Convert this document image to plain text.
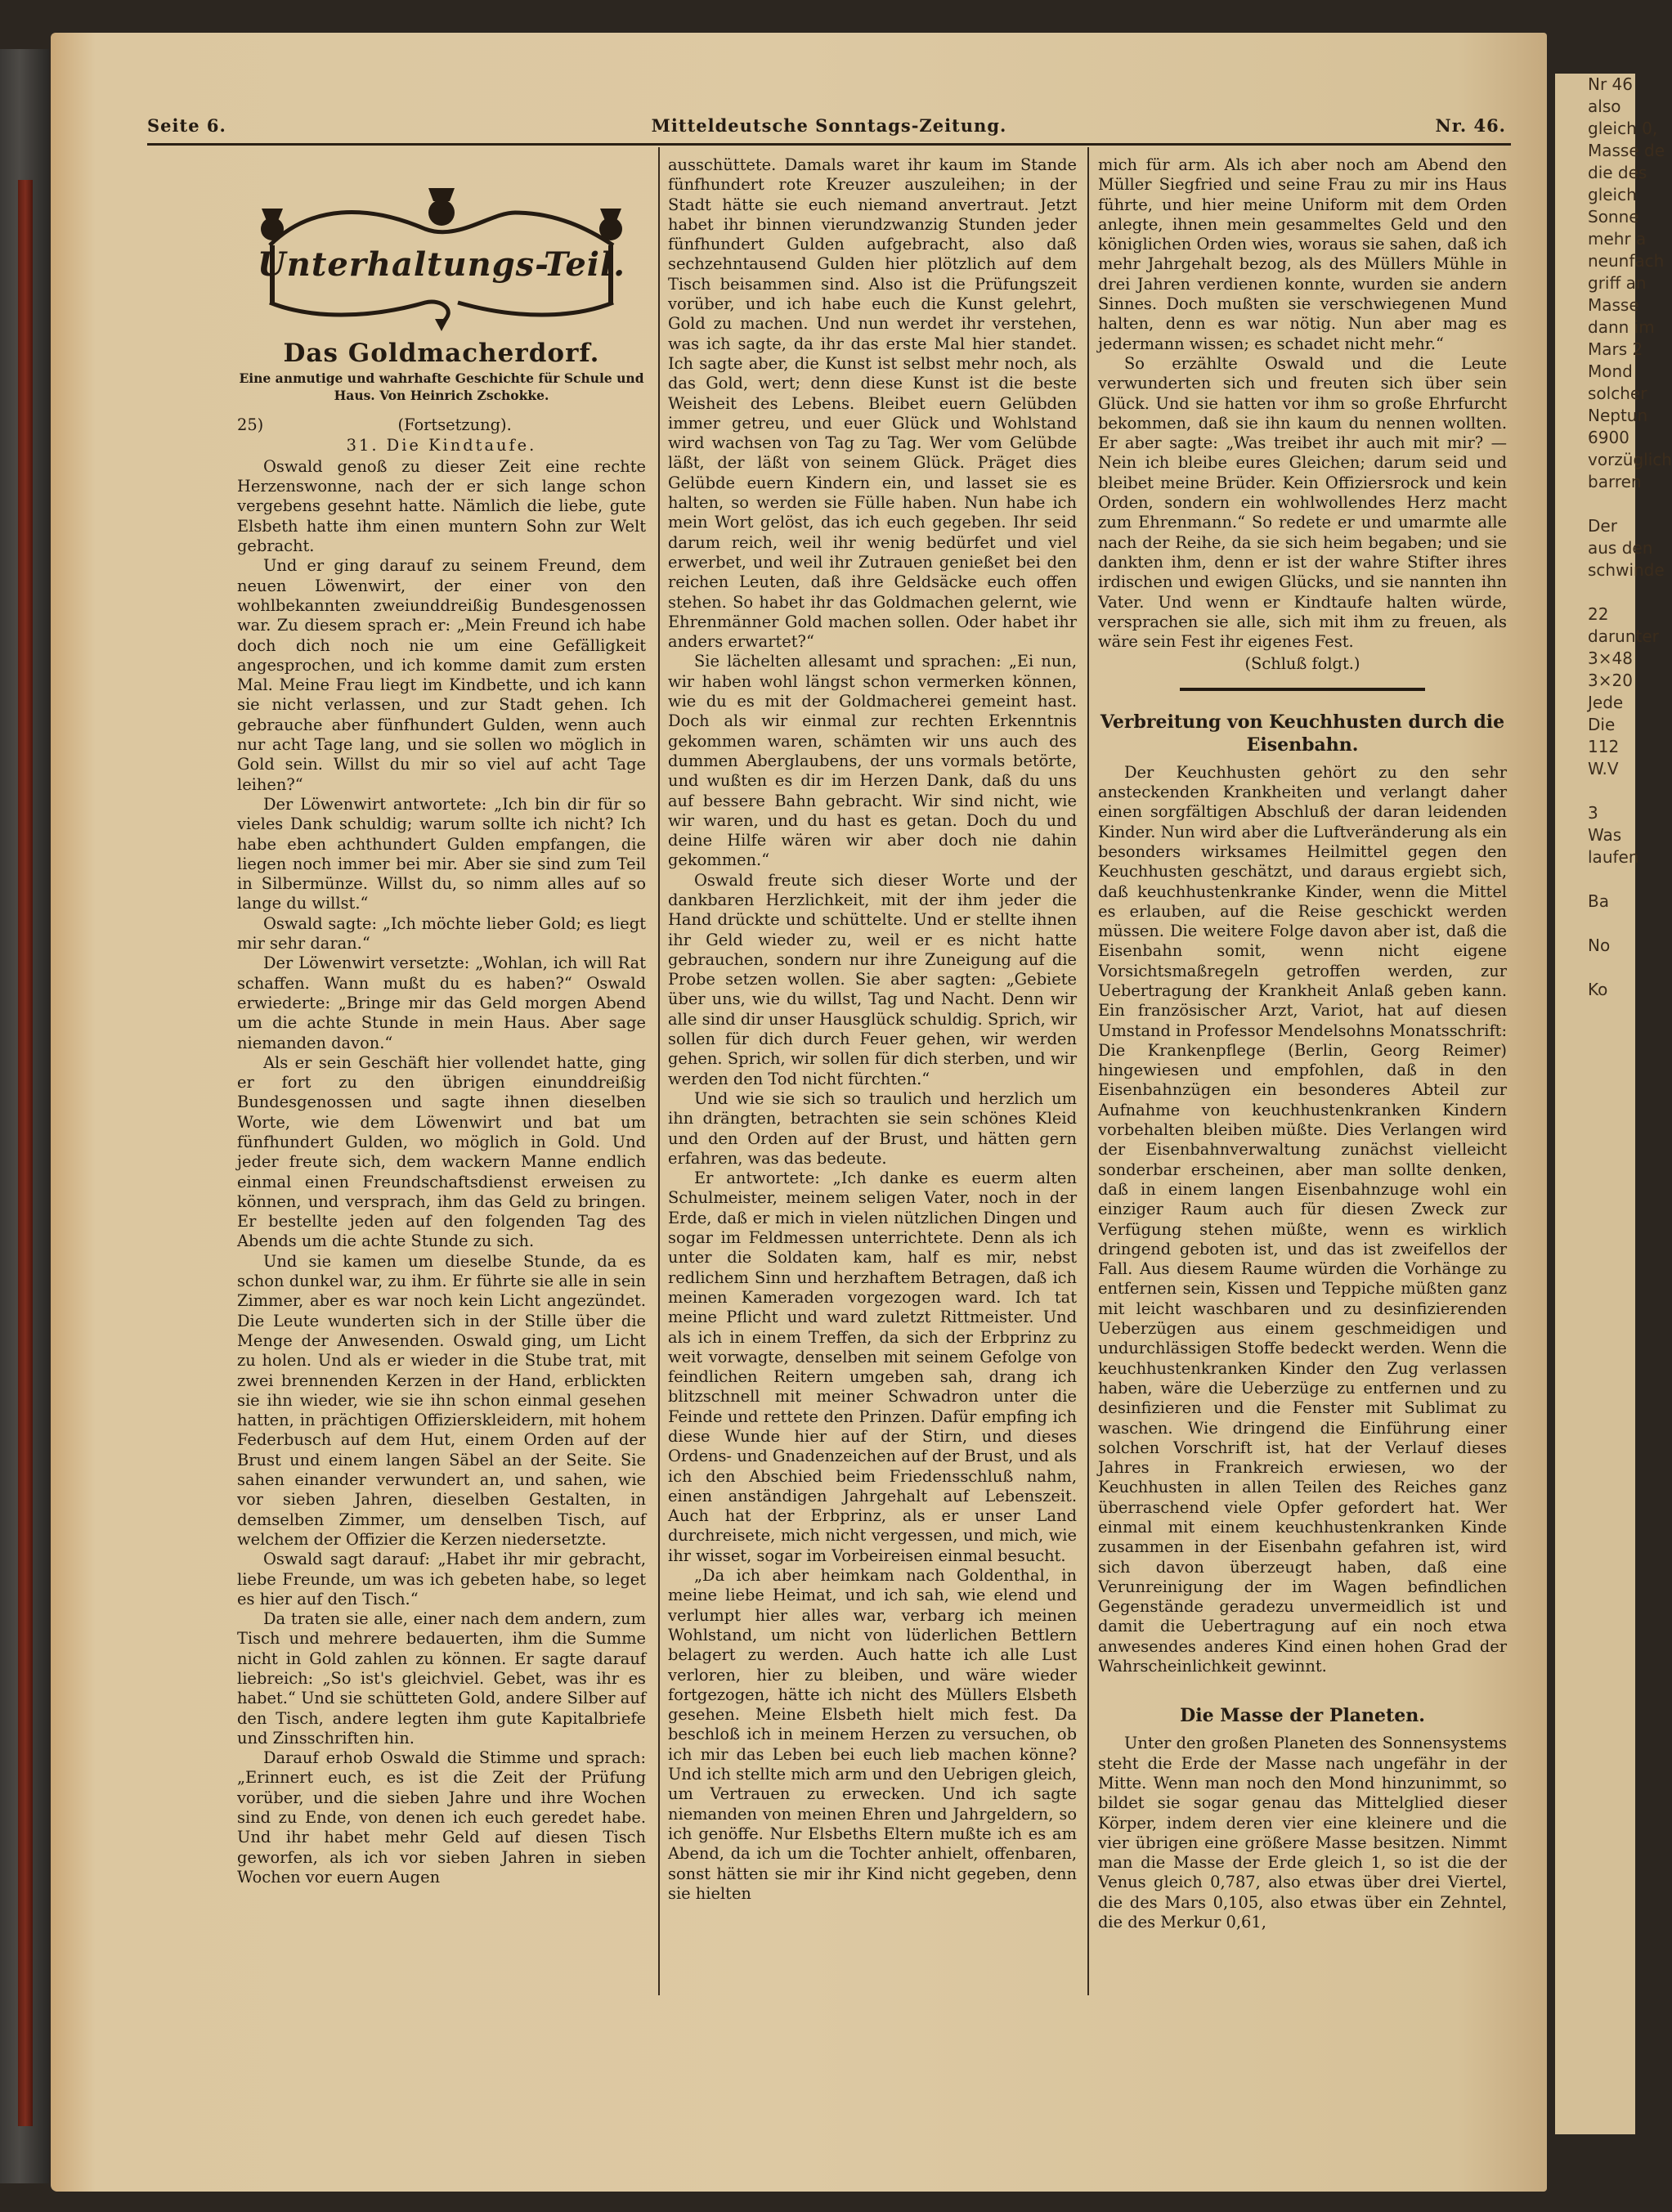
Nr 46
also
gleich 0,
Masse de
die des
gleich
Sonne
mehr a
neunfach
griff an
Masse
dann im
Mars 2
Mond
solcher
Neptun
6900
vorzüglich
barren

Der
aus den
schwinde

22
darunter
3×48
3×20
Jede
Die
112
W.V

3
Was
laufen

Ba

No

Ko
Seite 6.	Mitteldeutsche Sonntags-Zeitung.	Nr. 46.
Unterhaltungs-Teil.
Das Goldmacherdorf.
Eine anmutige und wahrhafte Geschichte für Schule und Haus. Von Heinrich Zschokke.
25)	(Fortsetzung).
31. Die Kindtaufe.

Oswald genoß zu dieser Zeit eine rechte Herzenswonne, nach der er sich lange schon vergebens gesehnt hatte. Nämlich die liebe, gute Elsbeth hatte ihm einen muntern Sohn zur Welt gebracht.

Und er ging darauf zu seinem Freund, dem neuen Löwenwirt, der einer von den wohlbekannten zweiunddreißig Bundesgenossen war. Zu diesem sprach er: „Mein Freund ich habe doch dich noch nie um eine Gefälligkeit angesprochen, und ich komme damit zum ersten Mal. Meine Frau liegt im Kindbette, und ich kann sie nicht verlassen, und zur Stadt gehen. Ich gebrauche aber fünfhundert Gulden, wenn auch nur acht Tage lang, und sie sollen wo möglich in Gold sein. Willst du mir so viel auf acht Tage leihen?“

Der Löwenwirt antwortete: „Ich bin dir für so vieles Dank schuldig; warum sollte ich nicht? Ich habe eben achthundert Gulden empfangen, die liegen noch immer bei mir. Aber sie sind zum Teil in Silbermünze. Willst du, so nimm alles auf so lange du willst.“

Oswald sagte: „Ich möchte lieber Gold; es liegt mir sehr daran.“

Der Löwenwirt versetzte: „Wohlan, ich will Rat schaffen. Wann mußt du es haben?“ Oswald erwiederte: „Bringe mir das Geld morgen Abend um die achte Stunde in mein Haus. Aber sage niemanden davon.“

Als er sein Geschäft hier vollendet hatte, ging er fort zu den übrigen einunddreißig Bundesgenossen und sagte ihnen dieselben Worte, wie dem Löwenwirt und bat um fünfhundert Gulden, wo möglich in Gold. Und jeder freute sich, dem wackern Manne endlich einmal einen Freundschaftsdienst erweisen zu können, und versprach, ihm das Geld zu bringen. Er bestellte jeden auf den folgenden Tag des Abends um die achte Stunde zu sich.

Und sie kamen um dieselbe Stunde, da es schon dunkel war, zu ihm. Er führte sie alle in sein Zimmer, aber es war noch kein Licht angezündet. Die Leute wunderten sich in der Stille über die Menge der Anwesenden. Oswald ging, um Licht zu holen. Und als er wieder in die Stube trat, mit zwei brennenden Kerzen in der Hand, erblickten sie ihn wieder, wie sie ihn schon einmal gesehen hatten, in prächtigen Offizierskleidern, mit hohem Federbusch auf dem Hut, einem Orden auf der Brust und einem langen Säbel an der Seite. Sie sahen einander verwundert an, und sahen, wie vor sieben Jahren, dieselben Gestalten, in demselben Zimmer, um denselben Tisch, auf welchem der Offizier die Kerzen niedersetzte.

Oswald sagt darauf: „Habet ihr mir gebracht, liebe Freunde, um was ich gebeten habe, so leget es hier auf den Tisch.“

Da traten sie alle, einer nach dem andern, zum Tisch und mehrere bedauerten, ihm die Summe nicht in Gold zahlen zu können. Er sagte darauf liebreich: „So ist's gleichviel. Gebet, was ihr es habet.“ Und sie schütteten Gold, andere Silber auf den Tisch, andere legten ihm gute Kapitalbriefe und Zinsschriften hin.

Darauf erhob Oswald die Stimme und sprach: „Erinnert euch, es ist die Zeit der Prüfung vorüber, und die sieben Jahre und ihre Wochen sind zu Ende, von denen ich euch geredet habe. Und ihr habet mehr Geld auf diesen Tisch geworfen, als ich vor sieben Jahren in sieben Wochen vor euern Augen

ausschüttete. Damals waret ihr kaum im Stande fünfhundert rote Kreuzer auszuleihen; in der Stadt hätte sie euch niemand anvertraut. Jetzt habet ihr binnen vierundzwanzig Stunden jeder fünfhundert Gulden aufgebracht, also daß sechzehntausend Gulden hier plötzlich auf dem Tisch beisammen sind. Also ist die Prüfungszeit vorüber, und ich habe euch die Kunst gelehrt, Gold zu machen. Und nun werdet ihr verstehen, was ich sagte, da ihr das erste Mal hier standet. Ich sagte aber, die Kunst ist selbst mehr noch, als das Gold, wert; denn diese Kunst ist die beste Weisheit des Lebens. Bleibet euern Gelübden immer getreu, und euer Glück und Wohlstand wird wachsen von Tag zu Tag. Wer vom Gelübde läßt, der läßt von seinem Glück. Präget dies Gelübde euern Kindern ein, und lasset sie es halten, so werden sie Fülle haben. Nun habe ich mein Wort gelöst, das ich euch gegeben. Ihr seid darum reich, weil ihr wenig bedürfet und viel erwerbet, und weil ihr Zutrauen genießet bei den reichen Leuten, daß ihre Geldsäcke euch offen stehen. So habet ihr das Goldmachen gelernt, wie Ehrenmänner Gold machen sollen. Oder habet ihr anders erwartet?“

Sie lächelten allesamt und sprachen: „Ei nun, wir haben wohl längst schon vermerken können, wie du es mit der Goldmacherei gemeint hast. Doch als wir einmal zur rechten Erkenntnis gekommen waren, schämten wir uns auch des dummen Aberglaubens, der uns vormals betörte, und wußten es dir im Herzen Dank, daß du uns auf bessere Bahn gebracht. Wir sind nicht, wie wir waren, und du hast es getan. Doch du und deine Hilfe wären wir aber doch nie dahin gekommen.“

Oswald freute sich dieser Worte und der dankbaren Herzlichkeit, mit der ihm jeder die Hand drückte und schüttelte. Und er stellte ihnen ihr Geld wieder zu, weil er es nicht hatte gebrauchen, sondern nur ihre Zuneigung auf die Probe setzen wollen. Sie aber sagten: „Gebiete über uns, wie du willst, Tag und Nacht. Denn wir alle sind dir unser Hausglück schuldig. Sprich, wir sollen für dich durch Feuer gehen, wir werden gehen. Sprich, wir sollen für dich sterben, und wir werden den Tod nicht fürchten.“

Und wie sie sich so traulich und herzlich um ihn drängten, betrachten sie sein schönes Kleid und den Orden auf der Brust, und hätten gern erfahren, was das bedeute.

Er antwortete: „Ich danke es euerm alten Schulmeister, meinem seligen Vater, noch in der Erde, daß er mich in vielen nützlichen Dingen und sogar im Feldmessen unterrichtete. Denn als ich unter die Soldaten kam, half es mir, nebst redlichem Sinn und herzhaftem Betragen, daß ich meinen Kameraden vorgezogen ward. Ich tat meine Pflicht und ward zuletzt Rittmeister. Und als ich in einem Treffen, da sich der Erbprinz zu weit vorwagte, denselben mit seinem Gefolge von feindlichen Reitern umgeben sah, drang ich blitzschnell mit meiner Schwadron unter die Feinde und rettete den Prinzen. Dafür empfing ich diese Wunde hier auf der Stirn, und dieses Ordens- und Gnadenzeichen auf der Brust, und als ich den Abschied beim Friedensschluß nahm, einen anständigen Jahrgehalt auf Lebenszeit. Auch hat der Erbprinz, als er unser Land durchreisete, mich nicht vergessen, und mich, wie ihr wisset, sogar im Vorbeireisen einmal besucht.

„Da ich aber heimkam nach Goldenthal, in meine liebe Heimat, und ich sah, wie elend und verlumpt hier alles war, verbarg ich meinen Wohlstand, um nicht von lüderlichen Bettlern belagert zu werden. Auch hatte ich alle Lust verloren, hier zu bleiben, und wäre wieder fortgezogen, hätte ich nicht des Müllers Elsbeth gesehen. Meine Elsbeth hielt mich fest. Da beschloß ich in meinem Herzen zu versuchen, ob ich mir das Leben bei euch lieb machen könne? Und ich stellte mich arm und den Uebrigen gleich, um Vertrauen zu erwecken. Und ich sagte niemanden von meinen Ehren und Jahrgeldern, so ich genöffe. Nur Elsbeths Eltern mußte ich es am Abend, da ich um die Tochter anhielt, offenbaren, sonst hätten sie mir ihr Kind nicht gegeben, denn sie hielten

mich für arm. Als ich aber noch am Abend den Müller Siegfried und seine Frau zu mir ins Haus führte, und hier meine Uniform mit dem Orden anlegte, ihnen mein gesammeltes Geld und den königlichen Orden wies, woraus sie sahen, daß ich mehr Jahrgehalt bezog, als des Müllers Mühle in drei Jahren verdienen konnte, wurden sie andern Sinnes. Doch mußten sie verschwiegenen Mund halten, denn es war nötig. Nun aber mag es jedermann wissen; es schadet nicht mehr.“

So erzählte Oswald und die Leute verwunderten sich und freuten sich über sein Glück. Und sie hatten vor ihm so große Ehrfurcht bekommen, daß sie ihn kaum du nennen wollten. Er aber sagte: „Was treibet ihr auch mit mir? — Nein ich bleibe eures Gleichen; darum seid und bleibet meine Brüder. Kein Offiziersrock und kein Orden, sondern ein wohlwollendes Herz macht zum Ehrenmann.“ So redete er und umarmte alle nach der Reihe, da sie sich heim begaben; und sie dankten ihm, denn er ist der wahre Stifter ihres irdischen und ewigen Glücks, und sie nannten ihn Vater. Und wenn er Kindtaufe halten würde, versprachen sie alle, sich mit ihm zu freuen, als wäre sein Fest ihr eigenes Fest.

(Schluß folgt.)
Verbreitung von Keuchhusten durch die Eisenbahn.

Der Keuchhusten gehört zu den sehr ansteckenden Krankheiten und verlangt daher einen sorgfältigen Abschluß der daran leidenden Kinder. Nun wird aber die Luftveränderung als ein besonders wirksames Heilmittel gegen den Keuchhusten geschätzt, und daraus ergiebt sich, daß keuchhustenkranke Kinder, wenn die Mittel es erlauben, auf die Reise geschickt werden müssen. Die weitere Folge davon aber ist, daß die Eisenbahn somit, wenn nicht eigene Vorsichtsmaßregeln getroffen werden, zur Uebertragung der Krankheit Anlaß geben kann. Ein französischer Arzt, Variot, hat auf diesen Umstand in Professor Mendelsohns Monatsschrift: Die Krankenpflege (Berlin, Georg Reimer) hingewiesen und empfohlen, daß in den Eisenbahnzügen ein besonderes Abteil zur Aufnahme von keuchhustenkranken Kindern vorbehalten bleiben müßte. Dies Verlangen wird der Eisenbahnverwaltung zunächst vielleicht sonderbar erscheinen, aber man sollte denken, daß in einem langen Eisenbahnzuge wohl ein einziger Raum auch für diesen Zweck zur Verfügung stehen müßte, wenn es wirklich dringend geboten ist, und das ist zweifellos der Fall. Aus diesem Raume würden die Vorhänge zu entfernen sein, Kissen und Teppiche müßten ganz mit leicht waschbaren und zu desinfizierenden Ueberzügen aus einem geschmeidigen und undurchlässigen Stoffe bedeckt werden. Wenn die keuchhustenkranken Kinder den Zug verlassen haben, wäre die Ueberzüge zu entfernen und zu desinfizieren und die Fenster mit Sublimat zu waschen. Wie dringend die Einführung einer solchen Vorschrift ist, hat der Verlauf dieses Jahres in Frankreich erwiesen, wo der Keuchhusten in allen Teilen des Reiches ganz überraschend viele Opfer gefordert hat. Wer einmal mit einem keuchhustenkranken Kinde zusammen in der Eisenbahn gefahren ist, wird sich davon überzeugt haben, daß eine Verunreinigung der im Wagen befindlichen Gegenstände geradezu unvermeidlich ist und damit die Uebertragung auf ein noch etwa anwesendes anderes Kind einen hohen Grad der Wahrscheinlichkeit gewinnt.

Die Masse der Planeten.

Unter den großen Planeten des Sonnensystems steht die Erde der Masse nach ungefähr in der Mitte. Wenn man noch den Mond hinzunimmt, so bildet sie sogar genau das Mittelglied dieser Körper, indem deren vier eine kleinere und die vier übrigen eine größere Masse besitzen. Nimmt man die Masse der Erde gleich 1, so ist die der Venus gleich 0,787, also etwas über drei Viertel, die des Mars 0,105, also etwas über ein Zehntel, die des Merkur 0,61,
